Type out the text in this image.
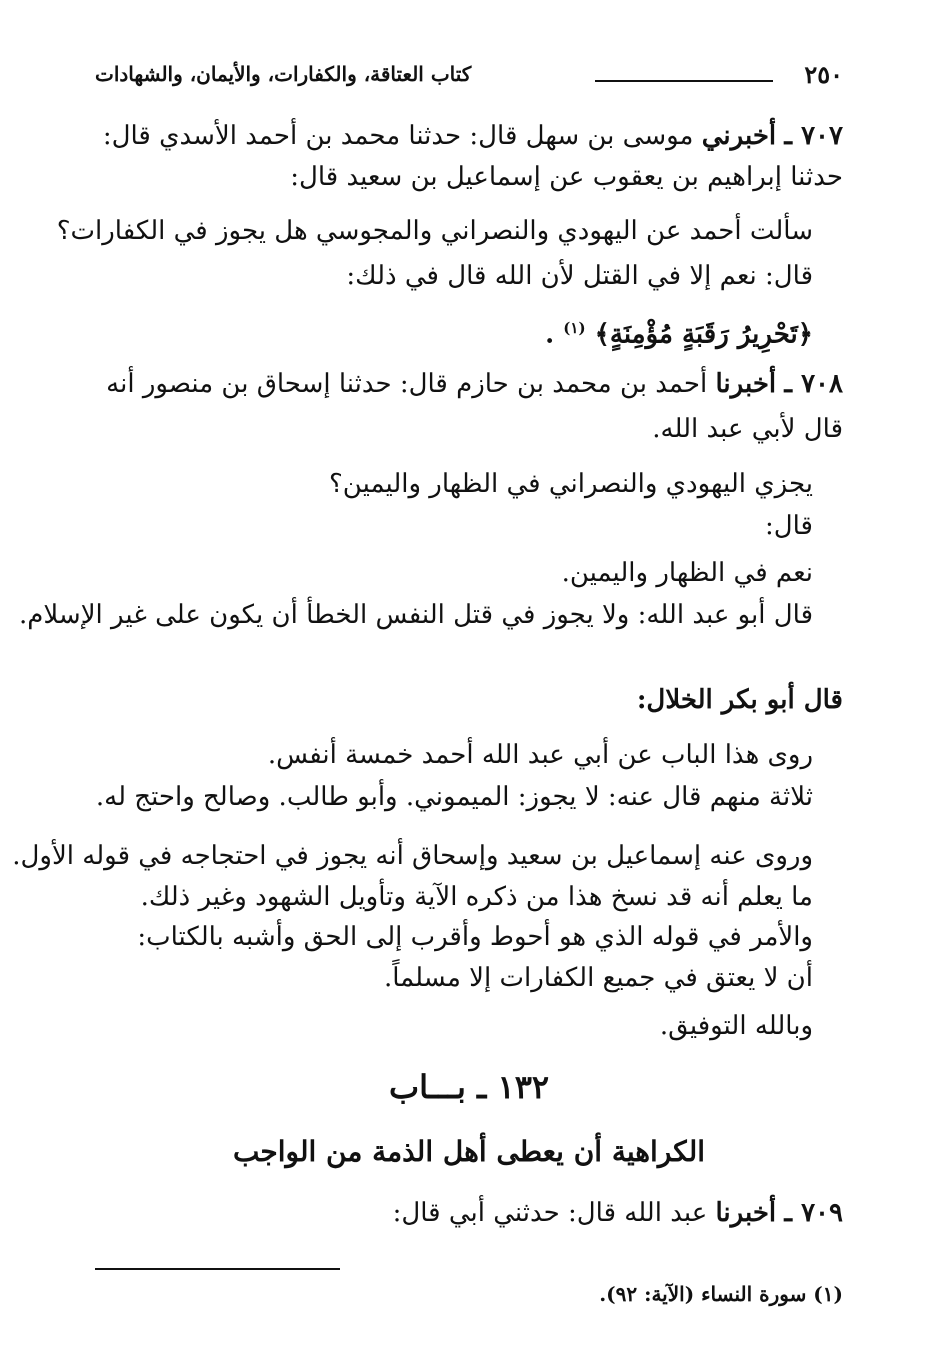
٢٥٠
كتاب العتاقة، والكفارات، والأيمان، والشهادات
٧٠٧ ـ أخبرني موسى بن سهل قال: حدثنا محمد بن أحمد الأسدي قال:
حدثنا إبراهيم بن يعقوب عن إسماعيل بن سعيد قال:
سألت أحمد عن اليهودي والنصراني والمجوسي هل يجوز في الكفارات؟
قال: نعم إلا في القتل لأن الله قال في ذلك:
﴿تَحْرِيرُ رَقَبَةٍ مُؤْمِنَةٍ﴾ $^{(١)}$ .
٧٠٨ ـ أخبرنا أحمد بن محمد بن حازم قال: حدثنا إسحاق بن منصور أنه
قال لأبي عبد الله.
يجزي اليهودي والنصراني في الظهار واليمين؟
قال:
نعم في الظهار واليمين.
قال أبو عبد الله: ولا يجوز في قتل النفس الخطأ أن يكون على غير الإسلام.
قال أبو بكر الخلال:
روى هذا الباب عن أبي عبد الله أحمد خمسة أنفس.
ثلاثة منهم قال عنه: لا يجوز: الميموني. وأبو طالب. وصالح واحتج له.
وروى عنه إسماعيل بن سعيد وإسحاق أنه يجوز في احتجاجه في قوله الأول.
ما يعلم أنه قد نسخ هذا من ذكره الآية وتأويل الشهود وغير ذلك.
والأمر في قوله الذي هو أحوط وأقرب إلى الحق وأشبه بالكتاب:
أن لا يعتق في جميع الكفارات إلا مسلماً.
وبالله التوفيق.
١٣٢ ـ بـــاب
الكراهية أن يعطى أهل الذمة من الواجب
٧٠٩ ـ أخبرنا عبد الله قال: حدثني أبي قال:
(١) سورة النساء (الآية: ٩٢).
